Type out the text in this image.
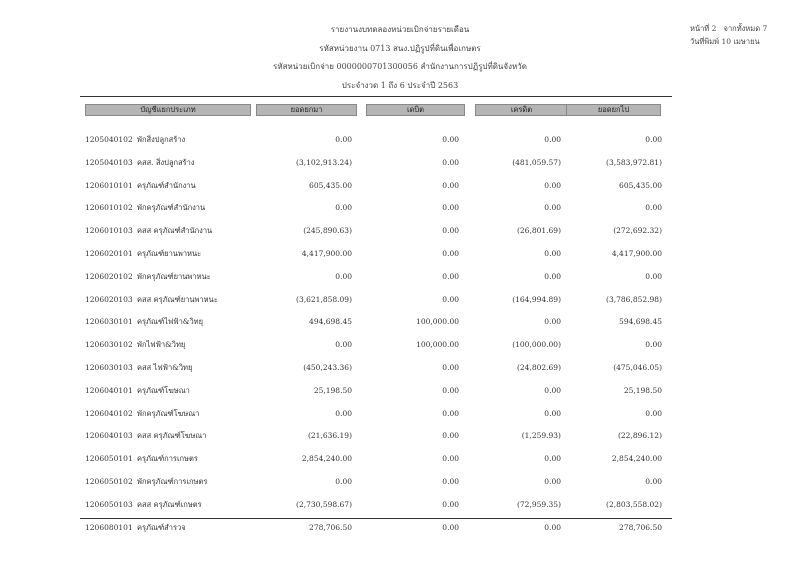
รายงานงบทดลองหน่วยเบิกจ่ายรายเดือน
รหัสหน่วยงาน 0713 สนง.ปฏิรูปที่ดินเพื่อเกษตร
รหัสหน่วยเบิกจ่าย 0000000701300056 สำนักงานการปฏิรูปที่ดินจังหวัด
ประจำงวด 1 ถึง 6 ประจำปี 2563
หน้าที่ 2 จากทั้งหมด 7
วันที่พิมพ์ 10 เมษายน
บัญชีแยกประเภท	ยอดยกมา	เดบิต	เครดิต	ยอดยกไป
1205040102 พักสิ่งปลูกสร้าง	0.00	0.00	0.00	0.00
1205040103 คสส. สิ่งปลูกสร้าง	(3,102,913.24)	0.00	(481,059.57)	(3,583,972.81)
1206010101 ครุภัณฑ์สำนักงาน	605,435.00	0.00	0.00	605,435.00
1206010102 พักครุภัณฑ์สำนักงาน	0.00	0.00	0.00	0.00
1206010103 คสส ครุภัณฑ์สำนักงาน	(245,890.63)	0.00	(26,801.69)	(272,692.32)
1206020101 ครุภัณฑ์ยานพาหนะ	4,417,900.00	0.00	0.00	4,417,900.00
1206020102 พักครุภัณฑ์ยานพาหนะ	0.00	0.00	0.00	0.00
1206020103 คสส ครุภัณฑ์ยานพาหนะ	(3,621,858.09)	0.00	(164,994.89)	(3,786,852.98)
1206030101 ครุภัณฑ์ไฟฟ้า&วิทยุ	494,698.45	100,000.00	0.00	594,698.45
1206030102 พักไฟฟ้า&วิทยุ	0.00	100,000.00	(100,000.00)	0.00
1206030103 คสส ไฟฟ้า&วิทยุ	(450,243.36)	0.00	(24,802.69)	(475,046.05)
1206040101 ครุภัณฑ์โฆษณา	25,198.50	0.00	0.00	25,198.50
1206040102 พักครุภัณฑ์โฆษณา	0.00	0.00	0.00	0.00
1206040103 คสส ครุภัณฑ์โฆษณา	(21,636.19)	0.00	(1,259.93)	(22,896.12)
1206050101 ครุภัณฑ์การเกษตร	2,854,240.00	0.00	0.00	2,854,240.00
1206050102 พักครุภัณฑ์การเกษตร	0.00	0.00	0.00	0.00
1206050103 คสส ครุภัณฑ์เกษตร	(2,730,598.67)	0.00	(72,959.35)	(2,803,558.02)
1206080101 ครุภัณฑ์สำรวจ	278,706.50	0.00	0.00	278,706.50
